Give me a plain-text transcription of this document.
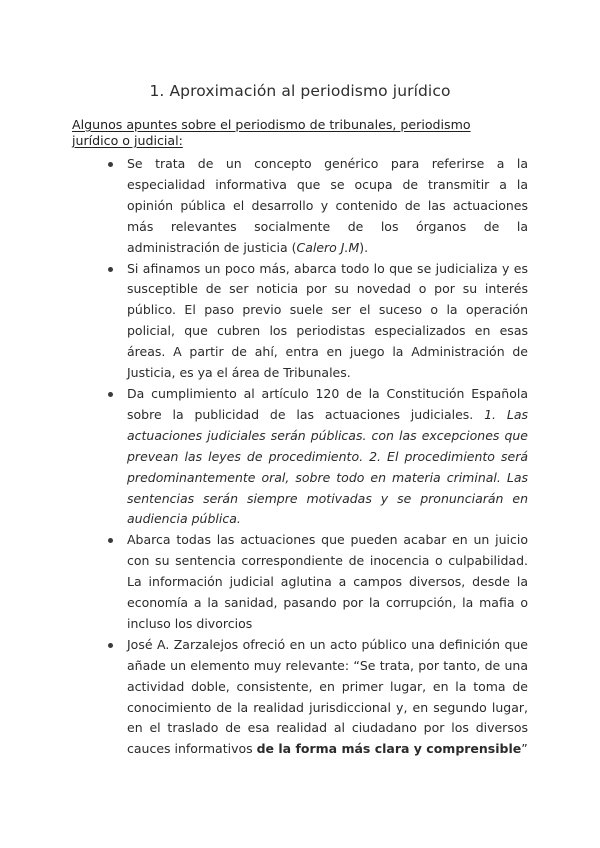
1. Aproximación al periodismo jurídico
Algunos apuntes sobre el periodismo de tribunales, periodismo jurídico o judicial:
Se trata de un concepto genérico para referirse a la especialidad informativa que se ocupa de transmitir a la opinión pública el desarrollo y contenido de las actuaciones más relevantes socialmente de los órganos de la administración de justicia (Calero J.M).
Si afinamos un poco más, abarca todo lo que se judicializa y es susceptible de ser noticia por su novedad o por su interés público. El paso previo suele ser el suceso o la operación policial, que cubren los periodistas especializados en esas áreas. A partir de ahí, entra en juego la Administración de Justicia, es ya el área de Tribunales.
Da cumplimiento al artículo 120 de la Constitución Española sobre la publicidad de las actuaciones judiciales. 1. Las actuaciones judiciales serán públicas. con las excepciones que prevean las leyes de procedimiento. 2. El procedimiento será predominantemente oral, sobre todo en materia criminal. Las sentencias serán siempre motivadas y se pronunciarán en audiencia pública.
Abarca todas las actuaciones que pueden acabar en un juicio con su sentencia correspondiente de inocencia o culpabilidad. La información judicial aglutina a campos diversos, desde la economía a la sanidad, pasando por la corrupción, la mafia o incluso los divorcios
José A. Zarzalejos ofreció en un acto público una definición que añade un elemento muy relevante: “Se trata, por tanto, de una actividad doble, consistente, en primer lugar, en la toma de conocimiento de la realidad jurisdiccional y, en segundo lugar, en el traslado de esa realidad al ciudadano por los diversos cauces informativos de la forma más clara y comprensible”
